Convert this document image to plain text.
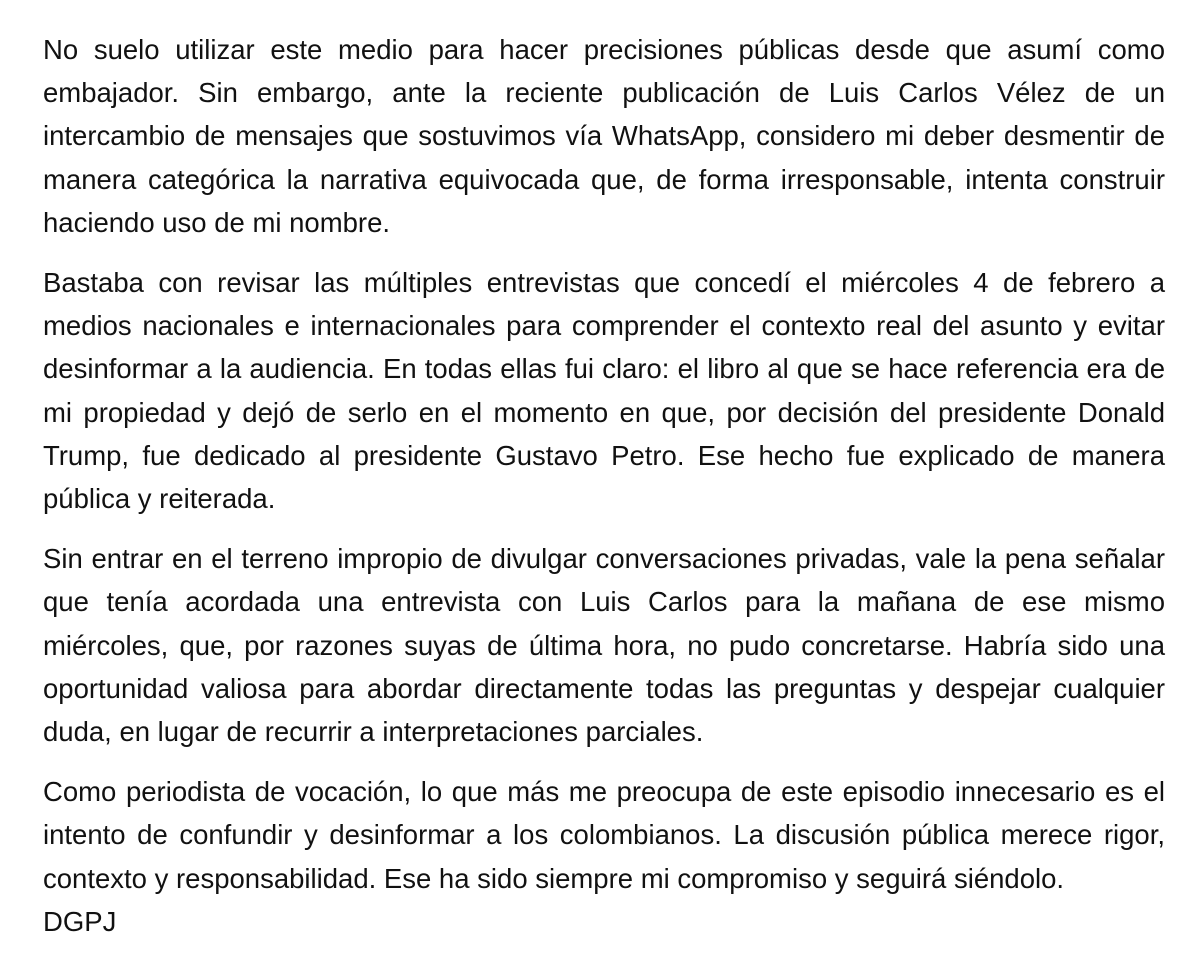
No suelo utilizar este medio para hacer precisiones públicas desde que asumí como embajador. Sin embargo, ante la reciente publicación de Luis Carlos Vélez de un intercambio de mensajes que sostuvimos vía WhatsApp, considero mi deber desmentir de manera categórica la narrativa equivocada que, de forma irresponsable, intenta construir haciendo uso de mi nombre.

Bastaba con revisar las múltiples entrevistas que concedí el miércoles 4 de febrero a medios nacionales e internacionales para comprender el contexto real del asunto y evitar desinformar a la audiencia. En todas ellas fui claro: el libro al que se hace referencia era de mi propiedad y dejó de serlo en el momento en que, por decisión del presidente Donald Trump, fue dedicado al presidente Gustavo Petro. Ese hecho fue explicado de manera pública y reiterada.

Sin entrar en el terreno impropio de divulgar conversaciones privadas, vale la pena señalar que tenía acordada una entrevista con Luis Carlos para la mañana de ese mismo miércoles, que, por razones suyas de última hora, no pudo concretarse. Habría sido una oportunidad valiosa para abordar directamente todas las preguntas y despejar cualquier duda, en lugar de recurrir a interpretaciones parciales.

Como periodista de vocación, lo que más me preocupa de este episodio innecesario es el intento de confundir y desinformar a los colombianos. La discusión pública merece rigor, contexto y responsabilidad. Ese ha sido siempre mi compromiso y seguirá siéndolo.
DGPJ
